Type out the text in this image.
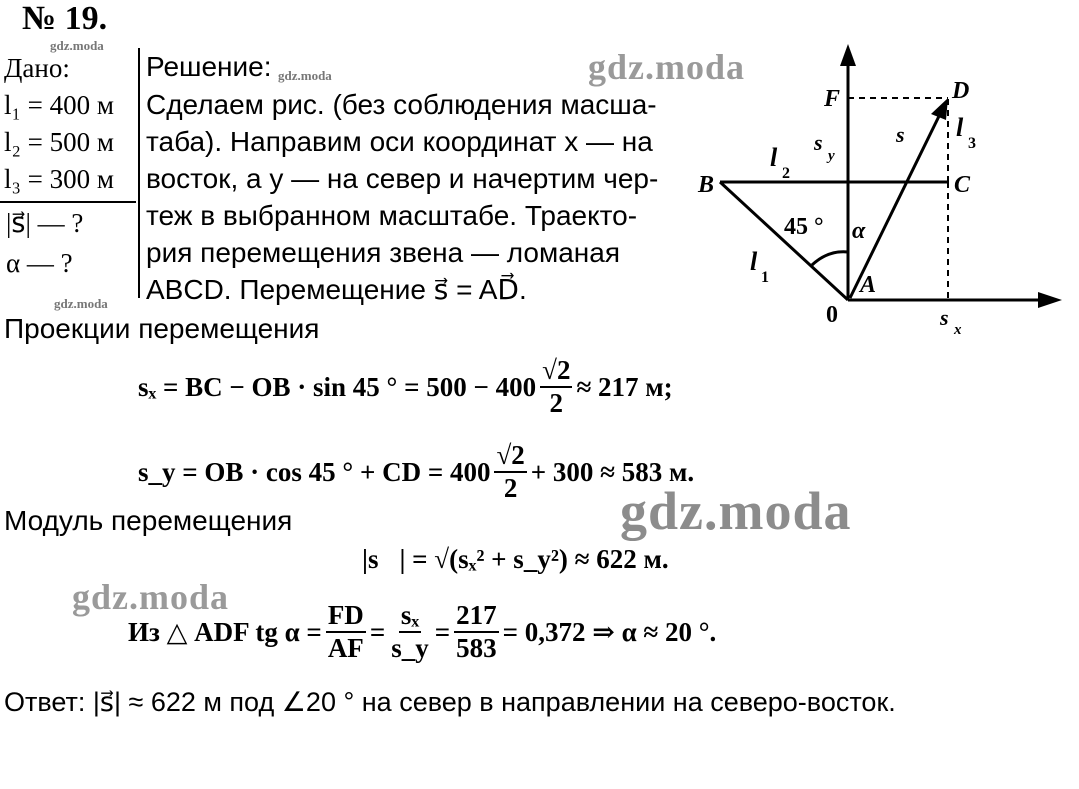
№ 19.
Дано:
l₁ = 400 м
l₂ = 500 м
l₃ = 300 м
|s⃗| — ?
α — ?
Решение:
Сделаем рис. (без соблюдения масша-
таба). Направим оси координат x — на
восток, а y — на север и начертим чер-
теж в выбранном масштабе. Траекто-
рия перемещения звена — ломаная
ABCD. Перемещение s⃗ = AD⃗.
F	D
B	C
A
0
s⃗
s
y
s x
l
1
l
2
l
3
45 ° α
Проекции перемещения
sₓ = BC − OB · sin 45 ° = $500 - 400 \frac{√2}{2} \approx 217$ м;
s_y = OB · cos 45 ° + CD = $400 \frac{√2}{2} + 300 \approx 583$ м.
Модуль перемещения
|s⃗| = √(sₓ² + s_y²) ≈ 622 м.
Из △ ADF tg $\alpha = \frac{FD}{AF} = \frac{\text{sₓ}}{s\_y} = \frac{217}{583} = 0,372$ ⇒ α ≈ 20 °.
Ответ: |s⃗| ≈ 622 м под ∠20 ° на север в направлении на северо-восток.
gdz.moda
gdz.moda
gdz.moda
gdz.moda
gdz.moda
gdz.moda
